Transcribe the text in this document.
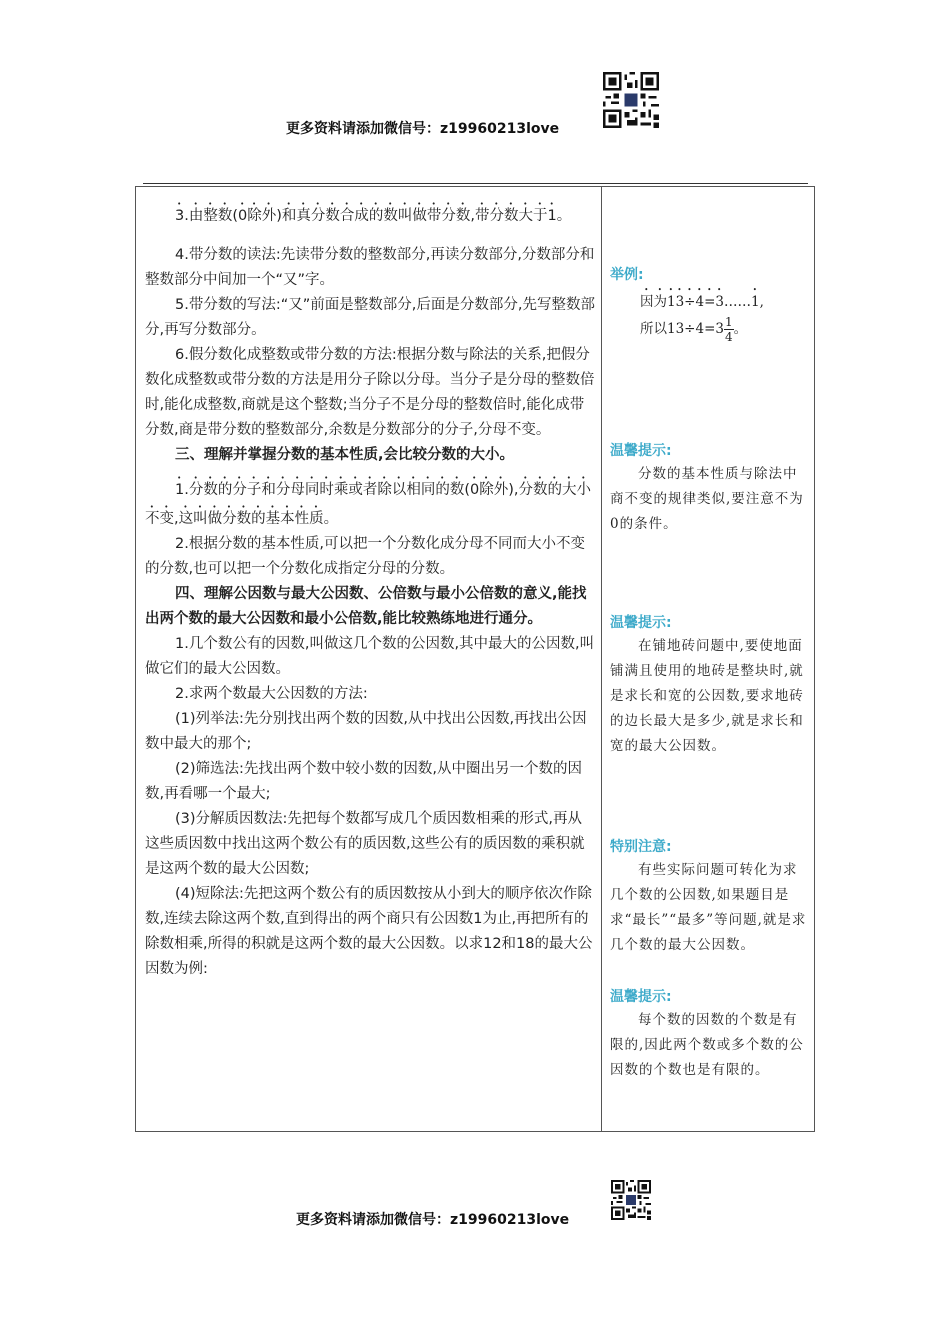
更多资料请添加微信号：z19960213love

3.由整数(0除外)和真分数合成的数叫做带分数,带分数大于1。

4.带分数的读法:先读带分数的整数部分,再读分数部分,分数部分和整数部分中间加一个“又”字。

5.带分数的写法:“又”前面是整数部分,后面是分数部分,先写整数部分,再写分数部分。

6.假分数化成整数或带分数的方法:根据分数与除法的关系,把假分数化成整数或带分数的方法是用分子除以分母。当分子是分母的整数倍时,能化成整数,商就是这个整数;当分子不是分母的整数倍时,能化成带分数,商是带分数的整数部分,余数是分数部分的分子,分母不变。

三、理解并掌握分数的基本性质,会比较分数的大小。

1.分数的分子和分母同时乘或者除以相同的数(0除外),分数的大小不变,这叫做分数的基本性质。

2.根据分数的基本性质,可以把一个分数化成分母不同而大小不变的分数,也可以把一个分数化成指定分母的分数。

四、理解公因数与最大公因数、公倍数与最小公倍数的意义,能找出两个数的最大公因数和最小公倍数,能比较熟练地进行通分。

1.几个数公有的因数,叫做这几个数的公因数,其中最大的公因数,叫做它们的最大公因数。

2.求两个数最大公因数的方法:

(1)列举法:先分别找出两个数的因数,从中找出公因数,再找出公因数中最大的那个;

(2)筛选法:先找出两个数中较小数的因数,从中圈出另一个数的因数,再看哪一个最大;

(3)分解质因数法:先把每个数都写成几个质因数相乘的形式,再从这些质因数中找出这两个数公有的质因数,这些公有的质因数的乘积就是这两个数的最大公因数;

(4)短除法:先把这两个数公有的质因数按从小到大的顺序依次作除数,连续去除这两个数,直到得出的两个商只有公因数1为止,再把所有的除数相乘,所得的积就是这两个数的最大公因数。以求12和18的最大公因数为例:

举例:

因为13÷4=3……1,

所以$13\div 4=3 \frac{1}{4}$ 。

温馨提示:

分数的基本性质与除法中商不变的规律类似,要注意不为0的条件。

温馨提示:

在铺地砖问题中,要使地面铺满且使用的地砖是整块时,就是求长和宽的公因数,要求地砖的边长最大是多少,就是求长和宽的最大公因数。

特别注意:

有些实际问题可转化为求几个数的公因数,如果题目是求“最长”“最多”等问题,就是求几个数的最大公因数。

温馨提示:

每个数的因数的个数是有限的,因此两个数或多个数的公因数的个数也是有限的。

更多资料请添加微信号：z19960213love
